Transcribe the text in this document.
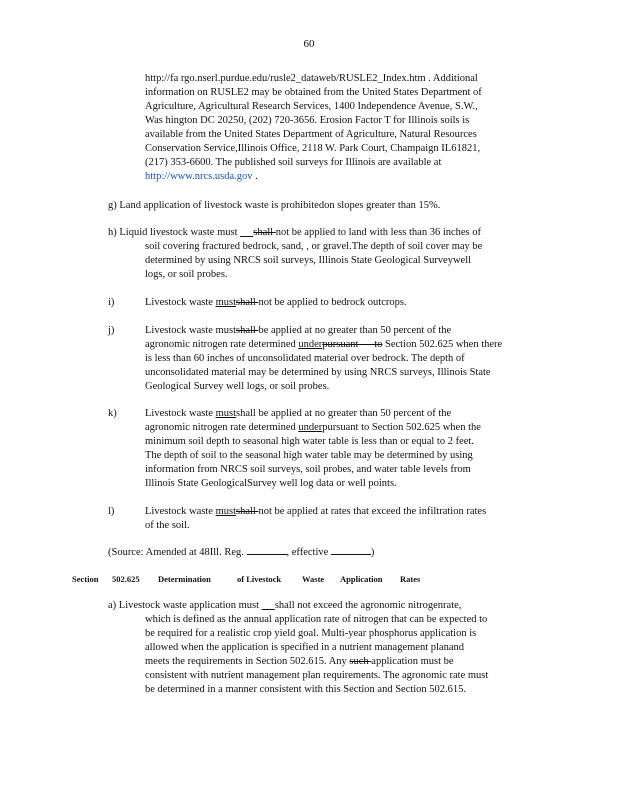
60
http://fa rgo.nserl.purdue.edu/rusle2_dataweb/RUSLE2_Index.htm . Additional
information on RUSLE2 may be obtained from the United States Department of
Agriculture, Agricultural Research Services, 1400 Independence Avenue, S.W.,
Was hington DC 20250, (202) 720-3656. Erosion Factor T for Illinois soils is
available from the United States Department of Agriculture, Natural Resources
Conservation Service,Illinois Office, 2118 W. Park Court, Champaign IL61821,
(217) 353-6600. The published soil surveys for Illinois are available at
http://www.nrcs.usda.gov .
g) Land application of livestock waste is prohibitedon slopes greater than 15%.
h) Liquid livestock waste must      shall not be applied to land with less than 36 inches of
soil covering fractured bedrock, sand, , or gravel.The depth of soil cover may be
determined by using NRCS soil surveys, Illinois State Geological Surveywell
logs, or soil probes.
i)	Livestock waste mustshall not be applied to bedrock outcrops.
j)	Livestock waste mustshall be applied at no greater than 50 percent of the
agronomic nitrogen rate determined underpursuant      to Section 502.625 when there
is less than 60 inches of unconsolidated material over bedrock. The depth of
unconsolidated material may be determined by using NRCS surveys, Illinois State
Geological Survey well logs, or soil probes.
k)	Livestock waste mustshall be applied at no greater than 50 percent of the
agronomic nitrogen rate determined underpursuant to Section 502.625 when the
minimum soil depth to seasonal high water table is less than or equal to 2 feet.
The depth of soil to the seasonal high water table may be determined by using
information from NRCS soil surveys, soil probes, and water table levels from
Illinois State GeologicalSurvey well log data or well points.
l)	Livestock waste mustshall not be applied at rates that exceed the infiltration rates
of the soil.
(Source: Amended at 48Ill. Reg.	, effective	)
Section 502.625 Determination	of Livestock Waste Application Rates
a) Livestock waste application must      shall not exceed the agronomic nitrogenrate,
which is defined as the annual application rate of nitrogen that can be expected to
be required for a realistic crop yield goal. Multi-year phosphorus application is
allowed when the application is specified in a nutrient management planand
meets the requirements in Section 502.615. Any such application must be
consistent with nutrient management plan requirements. The agronomic rate must
be determined in a manner consistent with this Section and Section 502.615.
